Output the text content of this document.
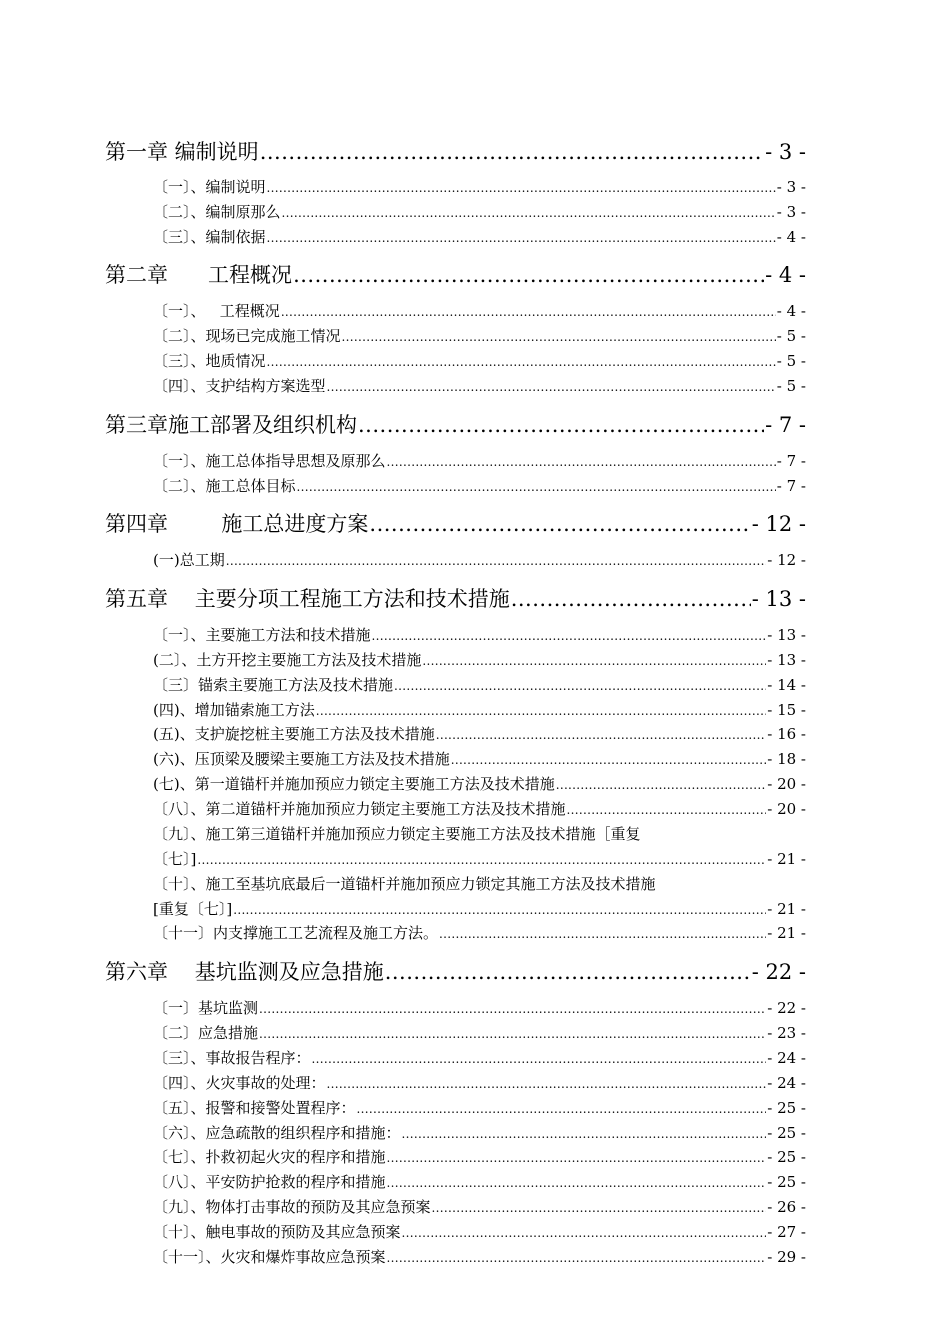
第一章 编制说明 .....	- 3 -
〔一〕、编制说明 .....	- 3 -
〔二〕、编制原那么 .....	- 3 -
〔三〕、编制依据 .....	- 4 -
第二章      工程概况 .....	- 4 -
〔一〕、   工程概况 .....	- 4 -
〔二〕、现场已完成施工情况 .....	- 5 -
〔三〕、地质情况 .....	- 5 -
〔四〕、支护结构方案选型 .....	- 5 -
第三章施工部署及组织机构 .....	- 7 -
〔一〕、施工总体指导思想及原那么 .....	- 7 -
〔二〕、施工总体目标 .....	- 7 -
第四章        施工总进度方案 .....	- 12 -
(一)总工期 .....	- 12 -
第五章    主要分项工程施工方法和技术措施 .....	- 13 -
〔一〕、主要施工方法和技术措施 .....	- 13 -
(二〕、土方开挖主要施工方法及技术措施 .....	- 13 -
〔三〕锚索主要施工方法及技术措施 .....	- 14 -
(四)、增加锚索施工方法 .....	- 15 -
(五)、支护旋挖桩主要施工方法及技术措施 .....	- 16 -
(六)、压顶梁及腰梁主要施工方法及技术措施 .....	- 18 -
(七)、第一道锚杆并施加预应力锁定主要施工方法及技术措施 .....	- 20 -
〔八〕、第二道锚杆并施加预应力锁定主要施工方法及技术措施 .....	- 20 -
〔九〕、施工第三道锚杆并施加预应力锁定主要施工方法及技术措施［重复
〔七〕] .....	- 21 -
〔十〕、施工至基坑底最后一道锚杆并施加预应力锁定其施工方法及技术措施
[重复〔七〕] .....	- 21 -
〔十一〕内支撑施工工艺流程及施工方法。 .....	- 21 -
第六章    基坑监测及应急措施 .....	- 22 -
〔一〕基坑监测 .....	- 22 -
〔二〕应急措施 .....	- 23 -
〔三〕、事故报告程序： .....	- 24 -
〔四〕、火灾事故的处理： .....	- 24 -
〔五〕、报警和接警处置程序： .....	- 25 -
〔六〕、应急疏散的组织程序和措施： .....	- 25 -
〔七〕、扑救初起火灾的程序和措施 .....	- 25 -
〔八〕、平安防护抢救的程序和措施 .....	- 25 -
〔九〕、物体打击事故的预防及其应急预案 .....	- 26 -
〔十〕、触电事故的预防及其应急预案 .....	- 27 -
〔十一〕、火灾和爆炸事故应急预案 .....	- 29 -
